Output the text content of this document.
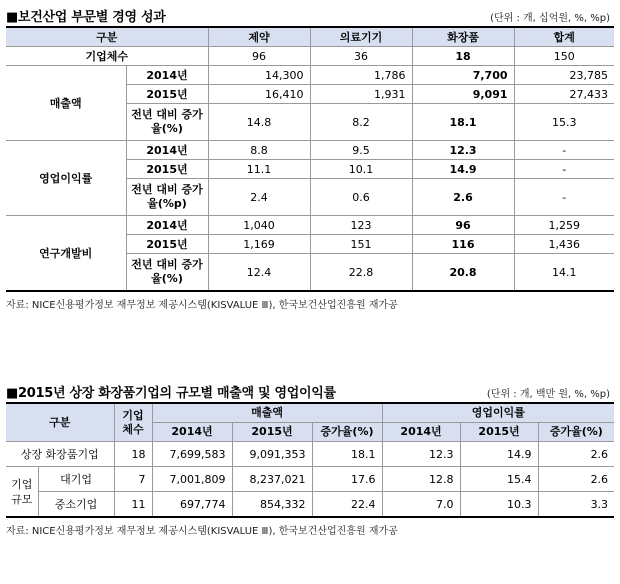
■보건산업 부문별 경영 성과	(단위 : 개, 십억원, %, %p)
구분		제약	의료기기	화장품	합계
기업체수		96	36	18	150
매출액	2014년	14,300	1,786	7,700	23,785
	2015년	16,410	1,931	9,091	27,433
	전년 대비 증가율(%)	14.8	8.2	18.1	15.3
영업이익률	2014년	8.8	9.5	12.3	-
	2015년	11.1	10.1	14.9	-
	전년 대비 증가율(%p)	2.4	0.6	2.6	-
연구개발비	2014년	1,040	123	96	1,259
	2015년	1,169	151	116	1,436
	전년 대비 증가율(%)	12.4	22.8	20.8	14.1
자료: NICE신용평가정보 재무정보 제공시스템(KISVALUE Ⅲ), 한국보건산업진흥원 재가공
■2015년 상장 화장품기업의 규모별 매출액 및 영업이익률	(단위 : 개, 백만 원, %, %p)
구분		기업체수	매출액			영업이익률		
			2014년	2015년	증가율(%)	2014년	2015년	증가율(%)
상장 화장품기업		18	7,699,583	9,091,353	18.1	12.3	14.9	2.6
기업 규모	대기업	7	7,001,809	8,237,021	17.6	12.8	15.4	2.6
	중소기업	11	697,774	854,332	22.4	7.0	10.3	3.3
자료: NICE신용평가정보 재무정보 제공시스템(KISVALUE Ⅲ), 한국보건산업진흥원 재가공
